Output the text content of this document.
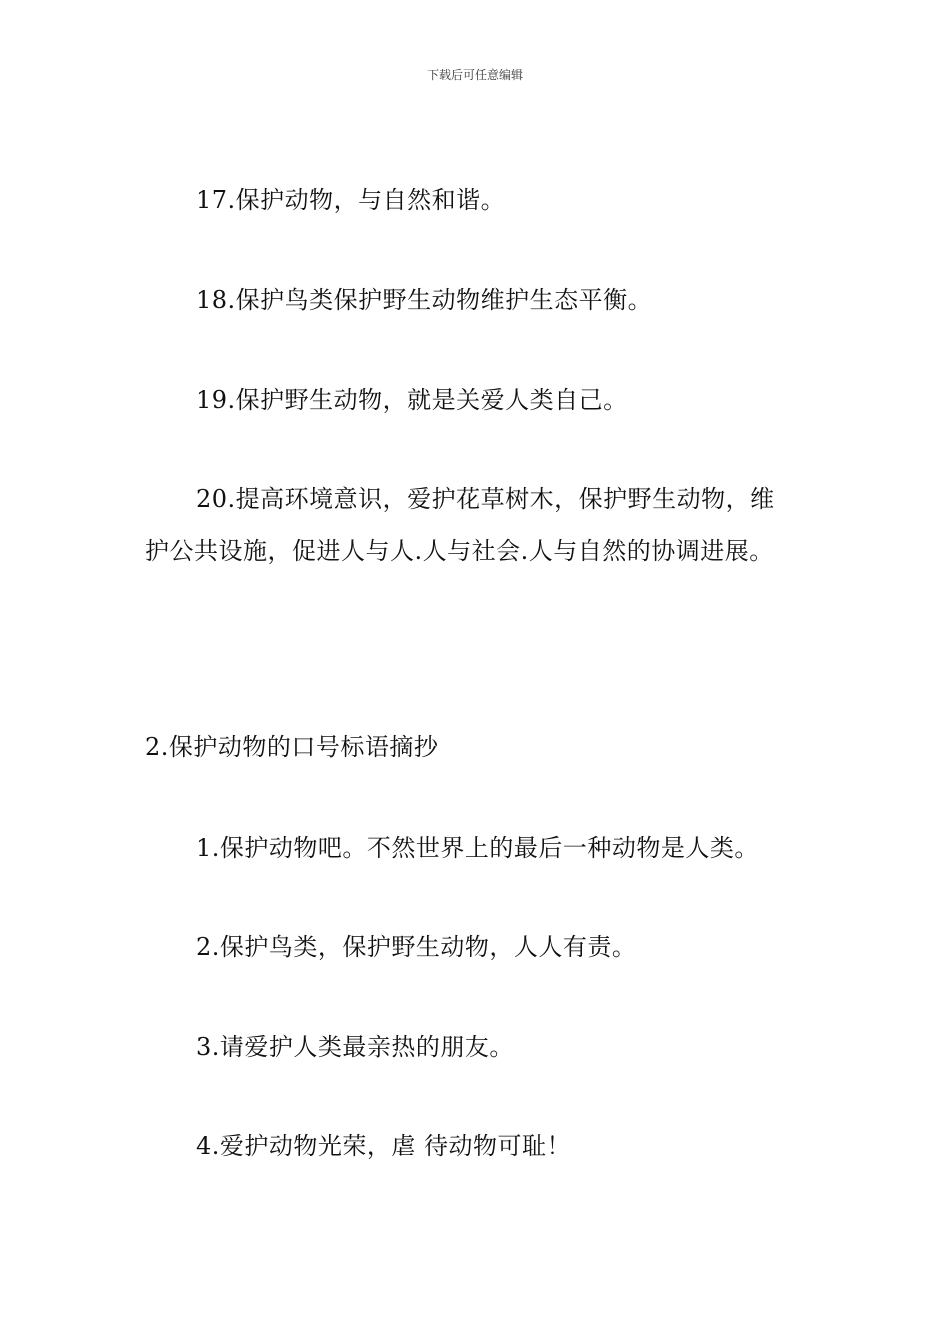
下载后可任意编辑
17.保护动物，与自然和谐。
18.保护鸟类保护野生动物维护生态平衡。
19.保护野生动物，就是关爱人类自己。
20.提高环境意识，爱护花草树木，保护野生动物，维
护公共设施，促进人与人.人与社会.人与自然的协调进展。
2.保护动物的口号标语摘抄
1.保护动物吧。不然世界上的最后一种动物是人类。
2.保护鸟类，保护野生动物，人人有责。
3.请爱护人类最亲热的朋友。
4.爱护动物光荣，虐 待动物可耻！
